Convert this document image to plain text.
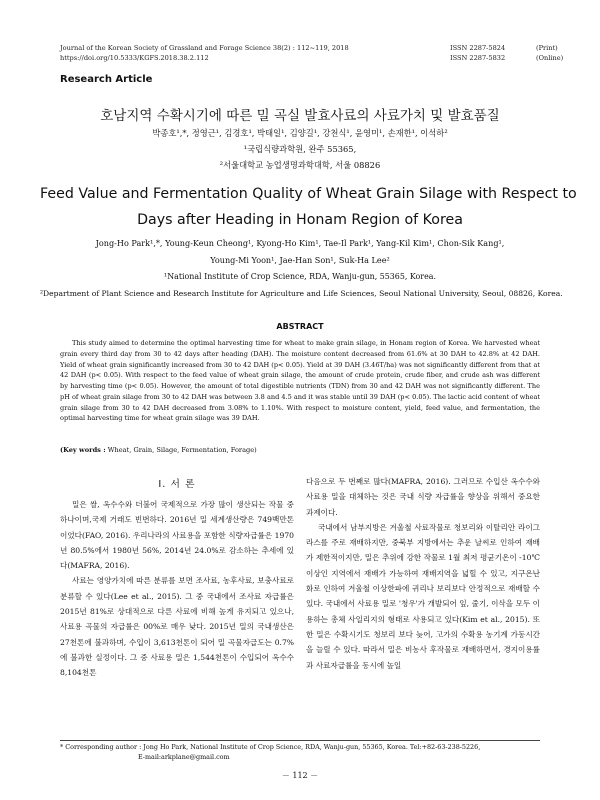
Journal of the Korean Society of Grassland and Forage Science 38(2) : 112~119, 2018
https://doi.org/10.5333/KGFS.2018.38.2.112
ISSN 2287-5824	(Print)
ISSN 2287-5832	(Online)
Research Article
호남지역 수확시기에 따른 밀 곡실 발효사료의 사료가치 및 발효품질
박종호¹,*, 정영근¹, 김경호¹, 박태일¹, 김양길¹, 강천식¹, 윤영미¹, 손재한¹, 이석하²
¹국립식량과학원, 완주 55365,
²서울대학교 농업생명과학대학, 서울 08826
Feed Value and Fermentation Quality of Wheat Grain Silage with Respect to
Days after Heading in Honam Region of Korea
Jong-Ho Park¹,*, Young-Keun Cheong¹, Kyong-Ho Kim¹, Tae-Il Park¹, Yang-Kil Kim¹, Chon-Sik Kang¹,
Young-Mi Yoon¹, Jae-Han Son¹, Suk-Ha Lee²
¹National Institute of Crop Science, RDA, Wanju-gun, 55365, Korea.
²Department of Plant Science and Research Institute for Agriculture and Life Sciences, Seoul National University, Seoul, 08826, Korea.
ABSTRACT

This study aimed to determine the optimal harvesting time for wheat to make grain silage, in Honam region of Korea. We harvested wheat grain every third day from 30 to 42 days after heading (DAH). The moisture content decreased from 61.6% at 30 DAH to 42.8% at 42 DAH. Yield of wheat grain significantly increased from 30 to 42 DAH (p< 0.05). Yield at 39 DAH (3.46T/ha) was not significantly different from that at 42 DAH (p< 0.05). With respect to the feed value of wheat grain silage, the amount of crude protein, crude fiber, and crude ash was different by harvesting time (p< 0.05). However, the amount of total digestible nutrients (TDN) from 30 and 42 DAH was not significantly different. The pH of wheat grain silage from 30 to 42 DAH was between 3.8 and 4.5 and it was stable until 39 DAH (p< 0.05). The lactic acid content of wheat grain silage from 30 to 42 DAH decreased from 3.08% to 1.10%. With respect to moisture content, yield, feed value, and fermentation, the optimal harvesting time for wheat grain silage was 39 DAH.

(Key words : Wheat, Grain, Silage, Fermentation, Forage)
Ⅰ. 서 론

밀은 쌀, 옥수수와 더불어 국제적으로 가장 많이 생산되는 작물 중 하나이며,국제 거래도 빈번하다. 2016년 밀 세계생산량은 749백만톤이었다(FAO, 2016). 우리나라의 사료용을 포함한 식량자급률은 1970년 80.5%에서 1980년 56%, 2014년 24.0%로 감소하는 추세에 있다(MAFRA, 2016).

사료는 영양가치에 따른 분류를 보면 조사료, 농후사료, 보충사료로 분류할 수 있다(Lee et al., 2015). 그 중 국내에서 조사료 자급률은 2015년 81%로 상대적으로 다른 사료에 비해 높게 유지되고 있으나, 사료용 곡물의 자급률은 00%로 매우 낮다. 2015년 밀의 국내생산은 27천톤에 불과하며, 수입이 3,613천톤이 되어 밀 곡물자급도는 0.7%에 불과한 실정이다. 그 중 사료용 밀은 1,544천톤이 수입되어 옥수수 8,104천톤

다음으로 두 번째로 많다(MAFRA, 2016). 그러므로 수입산 옥수수와 사료용 밀을 대체하는 것은 국내 식량 자급률을 향상을 위해서 중요한 과제이다.

국내에서 남부지방은 겨울철 사료작물로 청보리와 이탈리안 라이그라스를 주로 재배하지만, 중북부 지방에서는 추운 날씨로 인하여 재배가 제한적이지만, 밀은 추위에 강한 작물로 1월 최저 평균기온이 -10℃ 이상인 지역에서 재배가 가능하여 재배지역을 넓힐 수 있고, 지구온난화로 인하여 겨울철 이상한파에 귀리나 보리보다 안정적으로 재배할 수 있다. 국내에서 사료용 밀로 '청우'가 개발되어 잎, 줄기, 이삭을 모두 이용하는 총체 사일리지의 형태로 사용되고 있다(Kim et al., 2015). 또한 밀은 수확시기도 청보리 보다 늦어, 고가의 수확용 농기계 가동시간을 늘릴 수 있다. 따라서 밀은 비농사 후작물로 재배하면서, 경지이용률과 사료자급률을 동시에 높일

* Corresponding author : Jong Ho Park, National Institute of Crop Science, RDA, Wanju-gun, 55365, Korea. Tel:+82-63-238-5226,
E-mail:arkplane@gmail.com
－ 112 －
